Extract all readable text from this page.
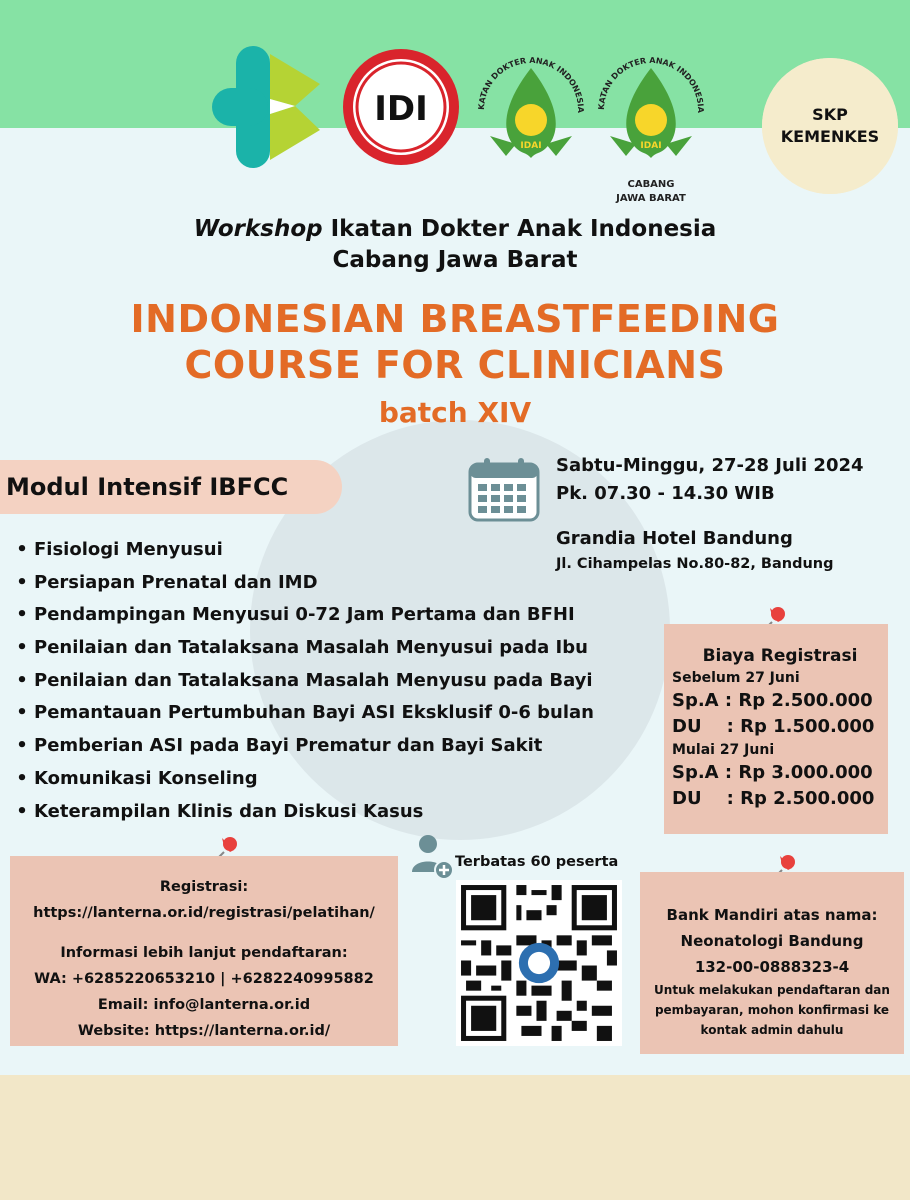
IDI	KATAN DOKTER ANAK INDONESIA
IDAI
KATAN DOKTER ANAK INDONESIA
IDAI
CABANG
JAWA BARAT
SKP
KEMENKES
Workshop Ikatan Dokter Anak Indonesia
Cabang Jawa Barat
INDONESIAN BREASTFEEDING
COURSE FOR CLINICIANS
batch XIV
Modul Intensif IBFCC
• Fisiologi Menyusui
• Persiapan Prenatal dan IMD
• Pendampingan Menyusui 0-72 Jam Pertama dan BFHI
• Penilaian dan Tatalaksana Masalah Menyusui pada Ibu
• Penilaian dan Tatalaksana Masalah Menyusu pada Bayi
• Pemantauan Pertumbuhan Bayi ASI Eksklusif 0-6 bulan
• Pemberian ASI pada Bayi Prematur dan Bayi Sakit
• Komunikasi Konseling
• Keterampilan Klinis dan Diskusi Kasus
Sabtu-Minggu, 27-28 Juli 2024
Pk. 07.30 - 14.30 WIB
Grandia Hotel Bandung
Jl. Cihampelas No.80-82, Bandung
Biaya Registrasi
Sebelum 27 Juni
Sp.A : Rp 2.500.000
DU    : Rp 1.500.000
Mulai 27 Juni
Sp.A : Rp 3.000.000
DU    : Rp 2.500.000
Registrasi:
https://lanterna.or.id/registrasi/pelatihan/
Informasi lebih lanjut pendaftaran:
WA: +6285220653210 | +6282240995882
Email: info@lanterna.or.id
Website: https://lanterna.or.id/
Terbatas 60 peserta
Bank Mandiri atas nama:
Neonatologi Bandung
132-00-0888323-4
Untuk melakukan pendaftaran dan
pembayaran, mohon konfirmasi ke
kontak admin dahulu
